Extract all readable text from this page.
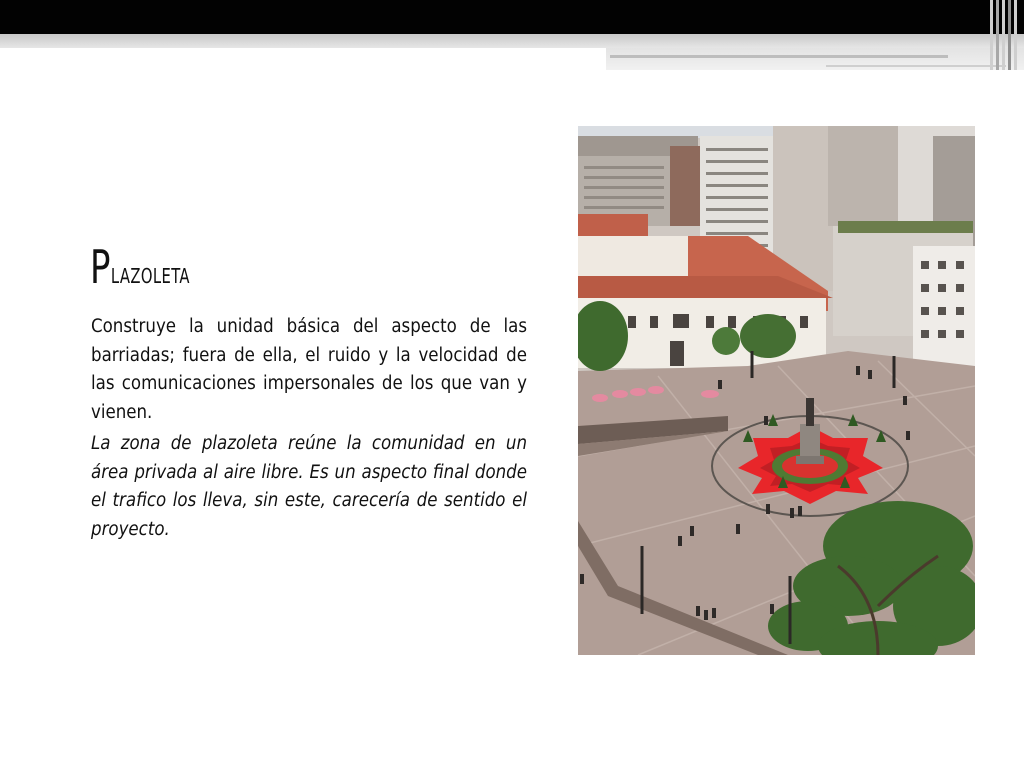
Plazoleta

Construye la unidad básica del aspecto de las barriadas; fuera de ella, el ruido y la velocidad de las comunicaciones impersonales de los que van y vienen.

La zona de plazoleta reúne la comunidad en un área privada al aire libre. Es un aspecto final donde el trafico los lleva, sin este, carecería de sentido el proyecto.
